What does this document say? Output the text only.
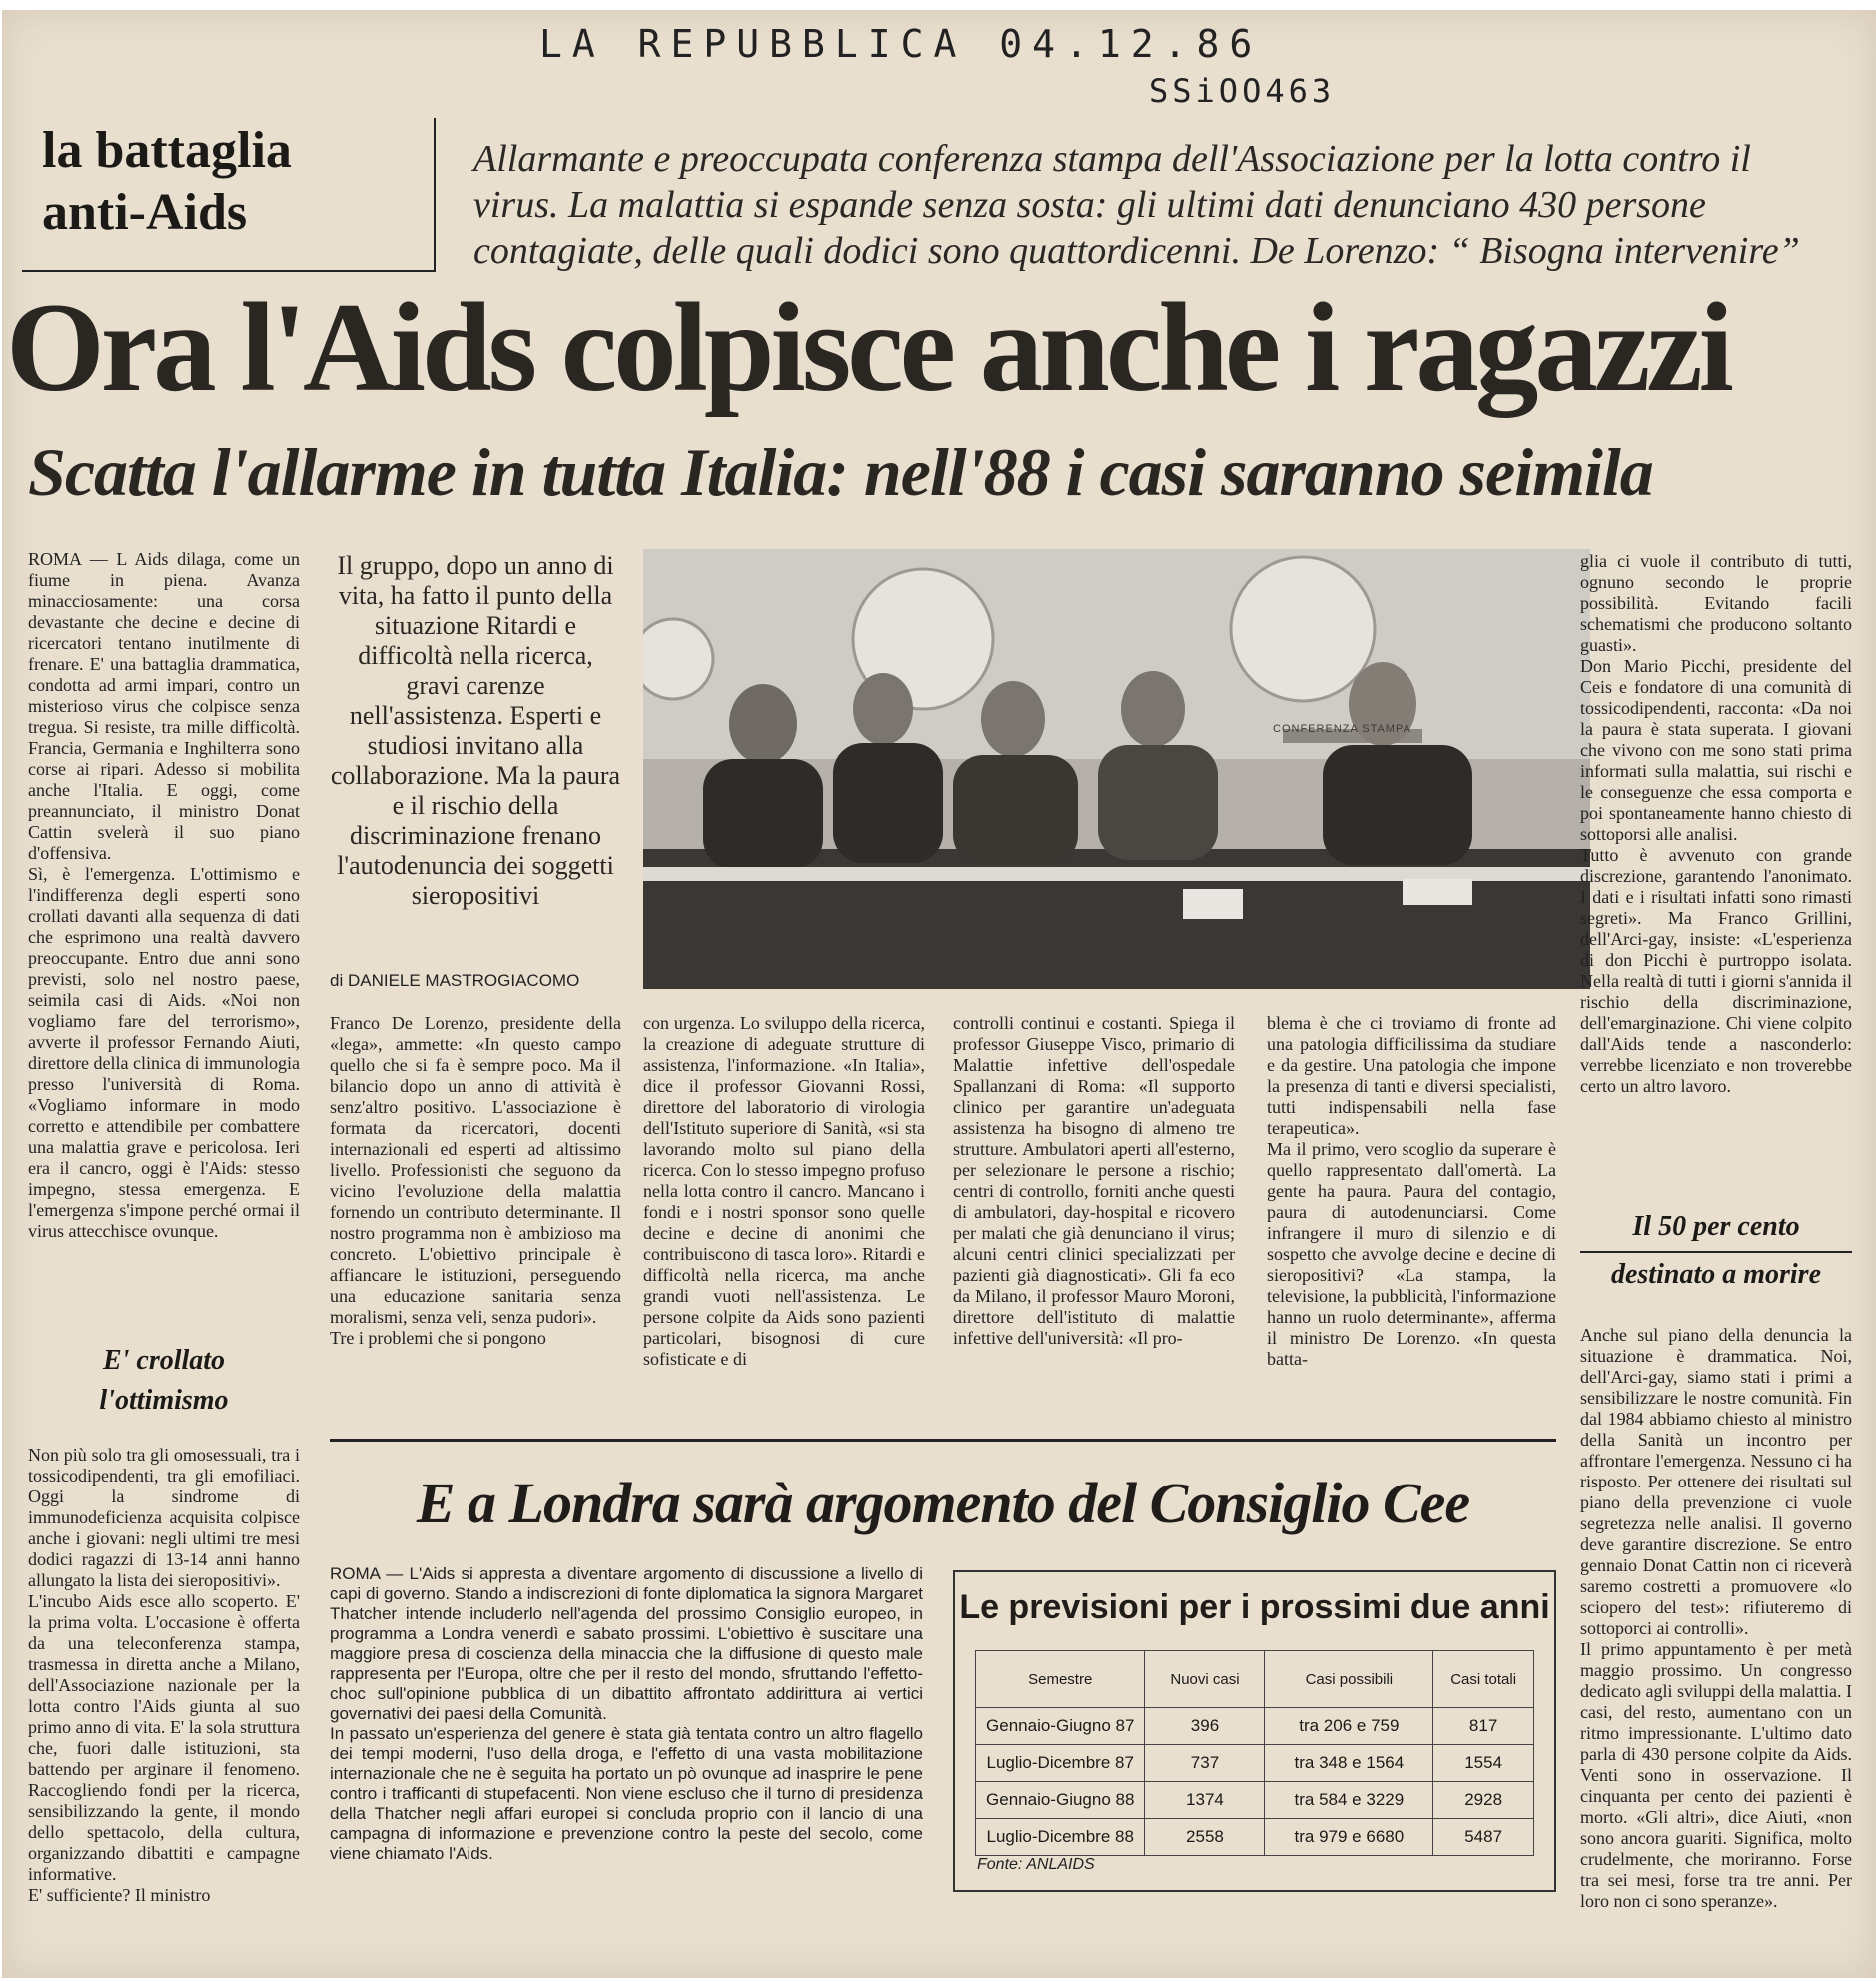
LA REPUBBLICA 04.12.86
SSiOO463
la battaglia
anti-Aids
Allarmante e preoccupata conferenza stampa dell'Associazione per la lotta contro il virus. La malattia si espande senza sosta: gli ultimi dati denunciano 430 persone contagiate, delle quali dodici sono quattordicenni. De Lorenzo: “ Bisogna intervenire”
Ora l'Aids colpisce anche i ragazzi
Scatta l'allarme in tutta Italia: nell'88 i casi saranno seimila
Il gruppo, dopo un anno di vita, ha fatto il punto della situazione Ritardi e difficoltà nella ricerca, gravi carenze nell'assistenza. Esperti e studiosi invitano alla collaborazione. Ma la paura e il rischio della discriminazione frenano l'autodenuncia dei soggetti sieropositivi
di DANIELE MASTROGIACOMO
CONFERENZA STAMPA
ROMA — L Aids dilaga, come un fiume in piena. Avanza minacciosamente: una corsa devastante che decine e decine di ricercatori tentano inutilmente di frenare. E' una battaglia drammatica, condotta ad armi impari, contro un misterioso virus che colpisce senza tregua. Si resiste, tra mille difficoltà. Francia, Germania e Inghilterra sono corse ai ripari. Adesso si mobilita anche l'Italia. E oggi, come preannunciato, il ministro Donat Cattin svelerà il suo piano d'offensiva.
Sì, è l'emergenza. L'ottimismo e l'indifferenza degli esperti sono crollati davanti alla sequenza di dati che esprimono una realtà davvero preoccupante. Entro due anni sono previsti, solo nel nostro paese, seimila casi di Aids. «Noi non vogliamo fare del terrorismo», avverte il professor Fernando Aiuti, direttore della clinica di immunologia presso l'università di Roma. «Vogliamo informare in modo corretto e attendibile per combattere una malattia grave e pericolosa. Ieri era il cancro, oggi è l'Aids: stesso impegno, stessa emergenza. E l'emergenza s'impone perché ormai il virus attecchisce ovunque.
E' crollato
l'ottimismo
Non più solo tra gli omosessuali, tra i tossicodipendenti, tra gli emofiliaci. Oggi la sindrome di immunodeficienza acquisita colpisce anche i giovani: negli ultimi tre mesi dodici ragazzi di 13-14 anni hanno allungato la lista dei sieropositivi».
L'incubo Aids esce allo scoperto. E' la prima volta. L'occasione è offerta da una teleconferenza stampa, trasmessa in diretta anche a Milano, dell'Associazione nazionale per la lotta contro l'Aids giunta al suo primo anno di vita. E' la sola struttura che, fuori dalle istituzioni, sta battendo per arginare il fenomeno. Raccogliendo fondi per la ricerca, sensibilizzando la gente, il mondo dello spettacolo, della cultura, organizzando dibattiti e campagne informative.
E' sufficiente? Il ministro
Franco De Lorenzo, presidente della «lega», ammette: «In questo campo quello che si fa è sempre poco. Ma il bilancio dopo un anno di attività è senz'altro positivo. L'associazione è formata da ricercatori, docenti internazionali ed esperti ad altissimo livello. Professionisti che seguono da vicino l'evoluzione della malattia fornendo un contributo determinante. Il nostro programma non è ambizioso ma concreto. L'obiettivo principale è affiancare le istituzioni, perseguendo una educazione sanitaria senza moralismi, senza veli, senza pudori».
Tre i problemi che si pongono
con urgenza. Lo sviluppo della ricerca, la creazione di adeguate strutture di assistenza, l'informazione. «In Italia», dice il professor Giovanni Rossi, direttore del laboratorio di virologia dell'Istituto superiore di Sanità, «si sta lavorando molto sul piano della ricerca. Con lo stesso impegno profuso nella lotta contro il cancro. Mancano i fondi e i nostri sponsor sono quelle decine e decine di anonimi che contribuiscono di tasca loro». Ritardi e difficoltà nella ricerca, ma anche grandi vuoti nell'assistenza. Le persone colpite da Aids sono pazienti particolari, bisognosi di cure sofisticate e di
controlli continui e costanti. Spiega il professor Giuseppe Visco, primario di Malattie infettive dell'ospedale Spallanzani di Roma: «Il supporto clinico per garantire un'adeguata assistenza ha bisogno di almeno tre strutture. Ambulatori aperti all'esterno, per selezionare le persone a rischio; centri di controllo, forniti anche questi di ambulatori, day-hospital e ricovero per malati che già denunciano il virus; alcuni centri clinici specializzati per pazienti già diagnosticati». Gli fa eco da Milano, il professor Mauro Moroni, direttore dell'istituto di malattie infettive dell'università: «Il pro-
blema è che ci troviamo di fronte ad una patologia difficilissima da studiare e da gestire. Una patologia che impone la presenza di tanti e diversi specialisti, tutti indispensabili nella fase terapeutica».
Ma il primo, vero scoglio da superare è quello rappresentato dall'omertà. La gente ha paura. Paura del contagio, paura di autodenunciarsi. Come infrangere il muro di silenzio e di sospetto che avvolge decine e decine di sieropositivi? «La stampa, la televisione, la pubblicità, l'informazione hanno un ruolo determinante», afferma il ministro De Lorenzo. «In questa batta-
glia ci vuole il contributo di tutti, ognuno secondo le proprie possibilità. Evitando facili schematismi che producono soltanto guasti».
Don Mario Picchi, presidente del Ceis e fondatore di una comunità di tossicodipendenti, racconta: «Da noi la paura è stata superata. I giovani che vivono con me sono stati prima informati sulla malattia, sui rischi e le conseguenze che essa comporta e poi spontaneamente hanno chiesto di sottoporsi alle analisi.
Tutto è avvenuto con grande discrezione, garantendo l'anonimato. I dati e i risultati infatti sono rimasti segreti». Ma Franco Grillini, dell'Arci-gay, insiste: «L'esperienza di don Picchi è purtroppo isolata. Nella realtà di tutti i giorni s'annida il rischio della discriminazione, dell'emarginazione. Chi viene colpito dall'Aids tende a nasconderlo: verrebbe licenziato e non troverebbe certo un altro lavoro.
Il 50 per cento
destinato a morire
Anche sul piano della denuncia la situazione è drammatica. Noi, dell'Arci-gay, siamo stati i primi a sensibilizzare le nostre comunità. Fin dal 1984 abbiamo chiesto al ministro della Sanità un incontro per affrontare l'emergenza. Nessuno ci ha risposto. Per ottenere dei risultati sul piano della prevenzione ci vuole segretezza nelle analisi. Il governo deve garantire discrezione. Se entro gennaio Donat Cattin non ci riceverà saremo costretti a promuovere «lo sciopero del test»: rifiuteremo di sottoporci ai controlli».
Il primo appuntamento è per metà maggio prossimo. Un congresso dedicato agli sviluppi della malattia. I casi, del resto, aumentano con un ritmo impressionante. L'ultimo dato parla di 430 persone colpite da Aids. Venti sono in osservazione. Il cinquanta per cento dei pazienti è morto. «Gli altri», dice Aiuti, «non sono ancora guariti. Significa, molto crudelmente, che moriranno. Forse tra sei mesi, forse tra tre anni. Per loro non ci sono speranze».
E a Londra sarà argomento del Consiglio Cee
ROMA — L'Aids si appresta a diventare argomento di discussione a livello di capi di governo. Stando a indiscrezioni di fonte diplomatica la signora Margaret Thatcher intende includerlo nell'agenda del prossimo Consiglio europeo, in programma a Londra venerdì e sabato prossimi. L'obiettivo è suscitare una maggiore presa di coscienza della minaccia che la diffusione di questo male rappresenta per l'Europa, oltre che per il resto del mondo, sfruttando l'effetto-choc sull'opinione pubblica di un dibattito affrontato addirittura ai vertici governativi dei paesi della Comunità.
In passato un'esperienza del genere è stata già tentata contro un altro flagello dei tempi moderni, l'uso della droga, e l'effetto di una vasta mobilitazione internazionale che ne è seguita ha portato un pò ovunque ad inasprire le pene contro i trafficanti di stupefacenti. Non viene escluso che il turno di presidenza della Thatcher negli affari europei si concluda proprio con il lancio di una campagna di informazione e prevenzione contro la peste del secolo, come viene chiamato l'Aids.
Le previsioni per i prossimi due anni
Semestre	Nuovi casi	Casi possibili	Casi totali
Gennaio-Giugno 87	396	tra 206 e 759	817
Luglio-Dicembre 87	737	tra 348 e 1564	1554
Gennaio-Giugno 88	1374	tra 584 e 3229	2928
Luglio-Dicembre 88	2558	tra 979 e 6680	5487
Fonte: ANLAIDS
